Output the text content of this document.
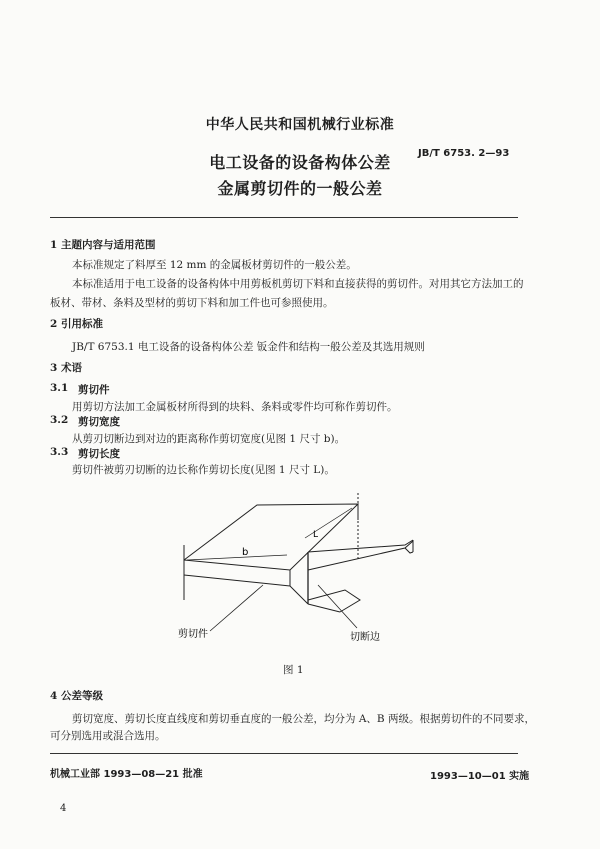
中华人民共和国机械行业标准
电工设备的设备构体公差
金属剪切件的一般公差
JB/T 6753. 2—93
1 主题内容与适用范围
本标准规定了料厚至 12 mm 的金属板材剪切件的一般公差。
本标准适用于电工设备的设备构体中用剪板机剪切下料和直接获得的剪切件。对用其它方法加工的
板材、带材、条料及型材的剪切下料和加工件也可参照使用。
2 引用标准
JB/T 6753.1 电工设备的设备构体公差 钣金件和结构一般公差及其选用规则
3 术语
3.1 剪切件
用剪切方法加工金属板材所得到的块料、条料或零件均可称作剪切件。
3.2 剪切宽度
从剪刃切断边到对边的距离称作剪切宽度(见图 1 尺寸 b)。
3.3 剪切长度
剪切件被剪刃切断的边长称作剪切长度(见图 1 尺寸 L)。
b
L
剪切件	切断边
图 1
4 公差等级
剪切宽度、剪切长度直线度和剪切垂直度的一般公差，均分为 A、B 两级。根据剪切件的不同要求，
可分别选用或混合选用。
机械工业部 1993—08—21 批准	1993—10—01 实施
4
